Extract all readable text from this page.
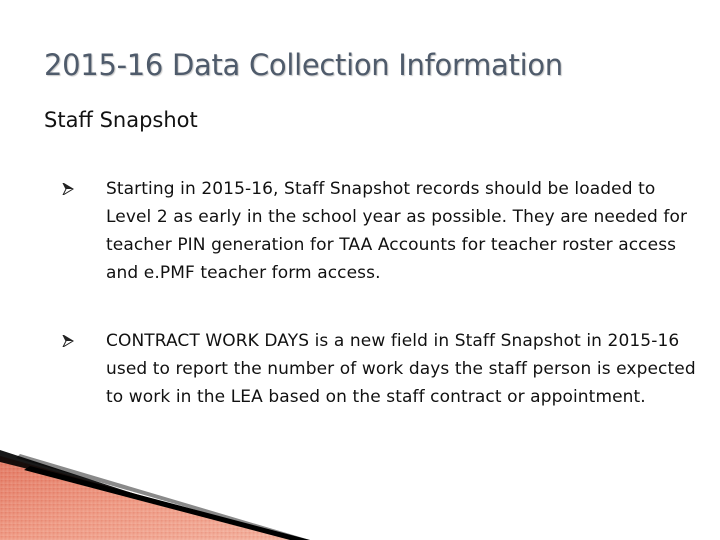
2015-16 Data Collection Information
Staff Snapshot
Starting in 2015-16, Staff Snapshot records should be loaded to Level 2 as early in the school year as possible. They are needed for teacher PIN generation for TAA Accounts for teacher roster access and e.PMF teacher form access.
CONTRACT WORK DAYS is a new field in Staff Snapshot in 2015-16 used to report the number of work days the staff person is expected to work in the LEA based on the staff contract or appointment.
